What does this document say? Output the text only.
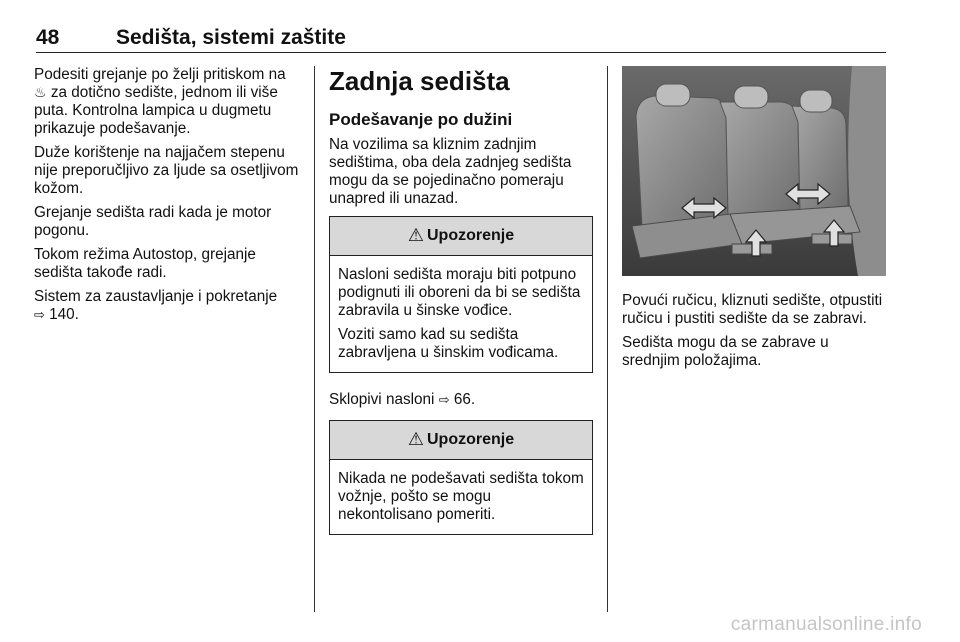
48	Sedišta, sistemi zaštite

Podesiti grejanje po želji pritiskom na
♨ za dotično sedište, jednom ili više puta. Kontrolna lampica u dugmetu prikazuje podešavanje.

Duže korištenje na najjačem stepenu nije preporučljivo za ljude sa osetljivom kožom.

Grejanje sedišta radi kada je motor pogonu.

Tokom režima Autostop, grejanje sedišta takođe radi.

Sistem za zaustavljanje i pokretanje
⇨ 140.

Zadnja sedišta
Podešavanje po dužini

Na vozilima sa kliznim zadnjim sedištima, oba dela zadnjeg sedišta mogu da se pojedinačno pomeraju unapred ili unazad.

⚠ Upozorenje

Nasloni sedišta moraju biti potpuno podignuti ili oboreni da bi se sedišta zabravila u šinske vođice.

Voziti samo kad su sedišta zabravljena u šinskim vođicama.

Sklopivi nasloni ⇨ 66.

⚠ Upozorenje

Nikada ne podešavati sedišta tokom vožnje, pošto se mogu nekontolisano pomeriti.

Povući ručicu, kliznuti sedište, otpustiti ručicu i pustiti sedište da se zabravi.

Sedišta mogu da se zabrave u srednjim položajima.

carmanualsonline.info
